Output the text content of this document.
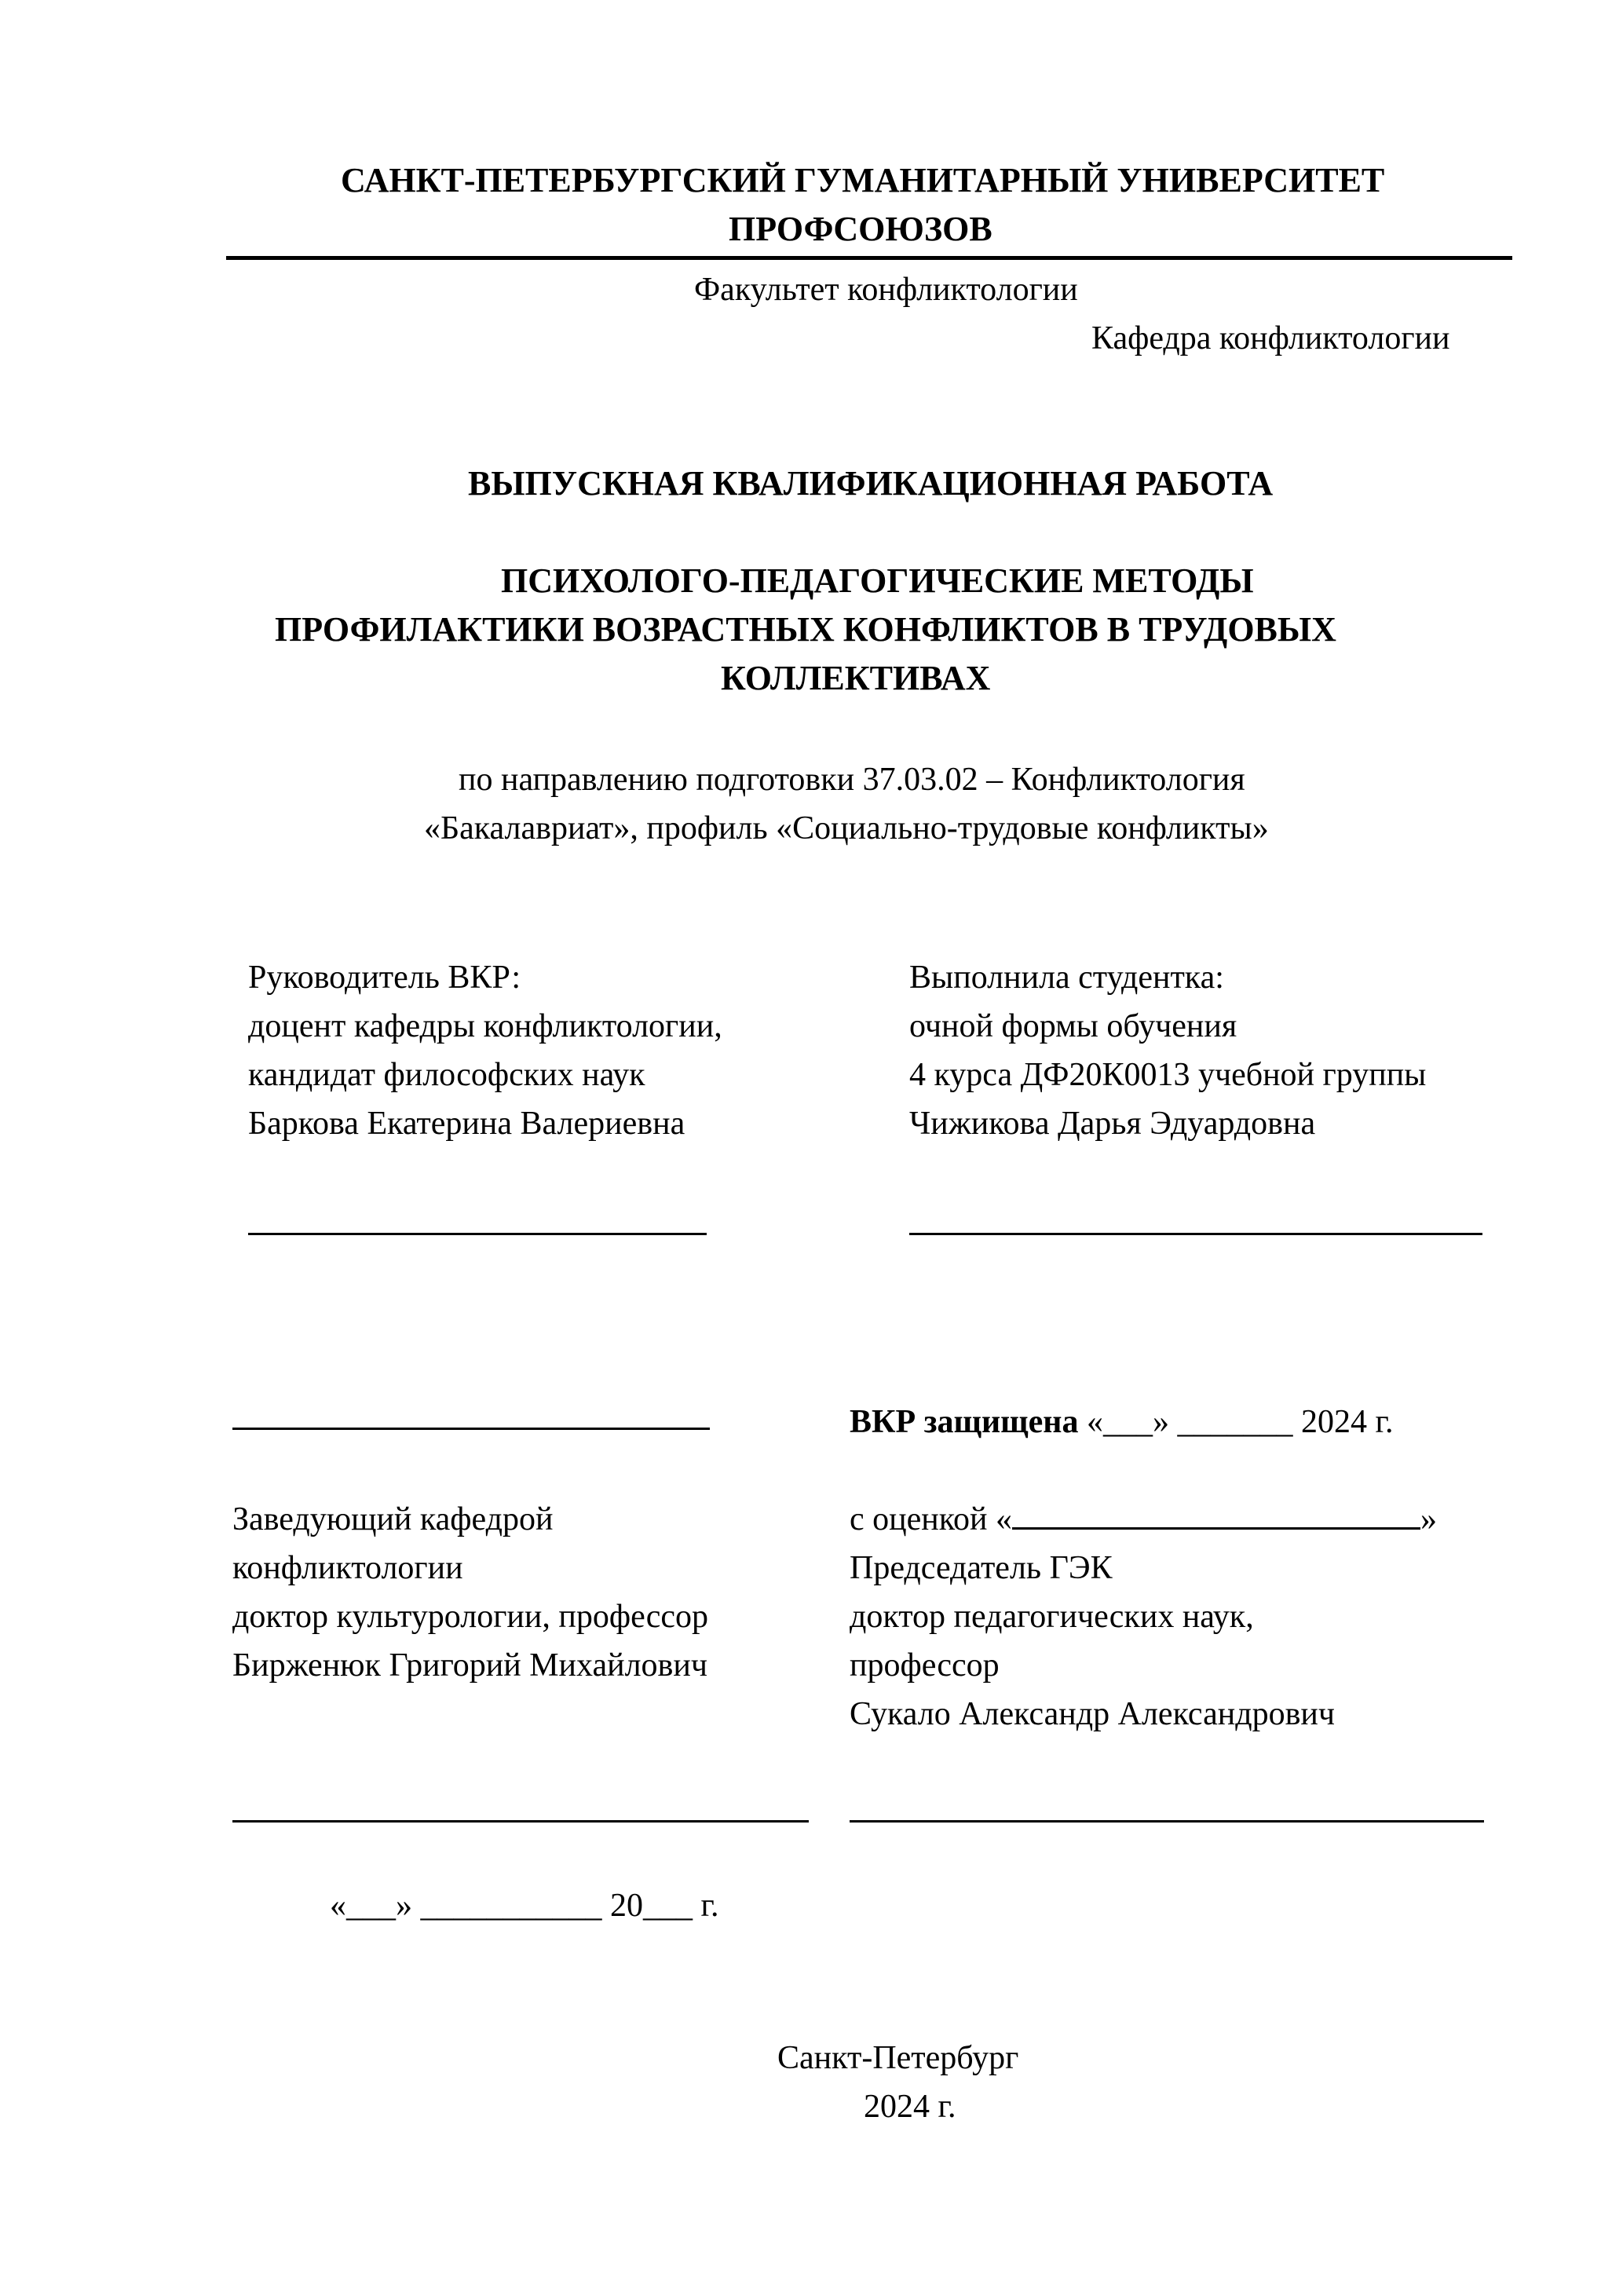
САНКТ-ПЕТЕРБУРГСКИЙ ГУМАНИТАРНЫЙ УНИВЕРСИТЕТ
ПРОФСОЮЗОВ
Факультет конфликтологии
Кафедра конфликтологии
ВЫПУСКНАЯ КВАЛИФИКАЦИОННАЯ РАБОТА
ПСИХОЛОГО-ПЕДАГОГИЧЕСКИЕ МЕТОДЫ
ПРОФИЛАКТИКИ ВОЗРАСТНЫХ КОНФЛИКТОВ В ТРУДОВЫХ
КОЛЛЕКТИВАХ
по направлению подготовки 37.03.02 – Конфликтология
«Бакалавриат», профиль «Социально-трудовые конфликты»
Руководитель ВКР:
доцент кафедры конфликтологии,
кандидат философских наук
Баркова Екатерина Валериевна
Выполнила студентка:
очной формы обучения
4 курса ДФ20К0013 учебной группы
Чижикова Дарья Эдуардовна
ВКР защищена «___» _______ 2024 г.
Заведующий кафедрой
конфликтологии
доктор культурологии, профессор
Бирженюк Григорий Михайлович
с оценкой «	»
Председатель ГЭК
доктор педагогических наук,
профессор
Сукало Александр Александрович
«___» ___________ 20___ г.
Санкт-Петербург
2024 г.
